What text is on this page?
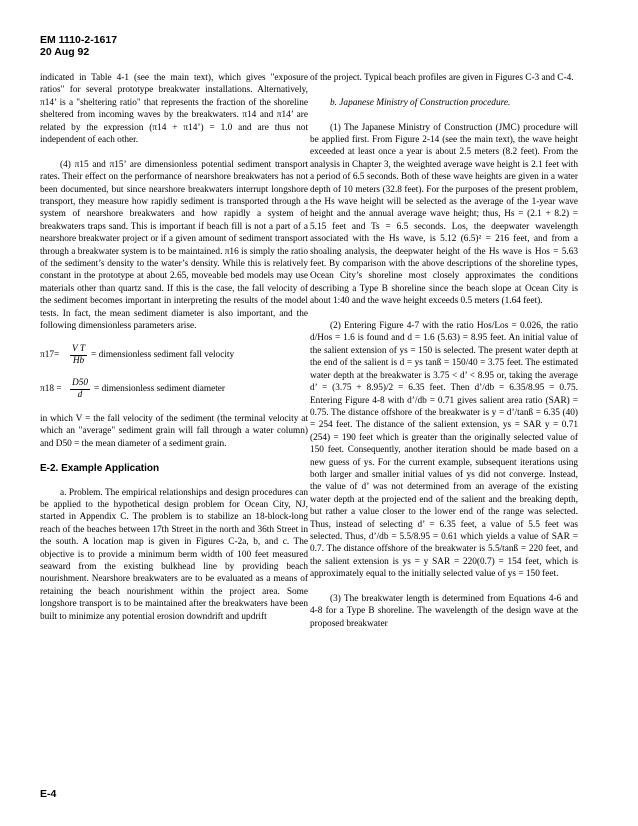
EM 1110-2-1617
20 Aug 92

indicated in Table 4-1 (see the main text), which gives "exposure ratios" for several prototype breakwater installations. Alternatively, π14’ is a "sheltering ratio" that represents the fraction of the shoreline sheltered from incoming waves by the breakwaters. π14 and π14’ are related by the expression (π14 + π14’) = 1.0 and are thus not independent of each other.

(4) π15 and π15’ are dimensionless potential sediment transport rates. Their effect on the performance of nearshore breakwaters has not been documented, but since nearshore breakwaters interrupt longshore transport, they measure how rapidly sediment is transported through a system of nearshore breakwaters and how rapidly a system of breakwaters traps sand. This is important if beach fill is not a part of a nearshore breakwater project or if a given amount of sediment transport through a breakwater system is to be maintained. π16 is simply the ratio of the sediment’s density to the water’s density. While this is relatively constant in the prototype at about 2.65, moveable bed models may use materials other than quartz sand. If this is the case, the fall velocity of the sediment becomes important in interpreting the results of the model tests. In fact, the mean sediment diameter is also important, and the following dimensionless parameters arise.

π17=	$\frac{\text{V T}}{Hb}$ = dimensionless sediment fall velocity
$\pi 18 = \frac{D50}{d}$ = dimensionless sediment diameter

in which V = the fall velocity of the sediment (the terminal velocity at which an "average" sediment grain will fall through a water column) and D50 = the mean diameter of a sediment grain.

E-2. Example Application

a. Problem. The empirical relationships and design procedures can be applied to the hypothetical design problem for Ocean City, NJ, started in Appendix C. The problem is to stabilize an 18-block-long reach of the beaches between 17th Street in the north and 36th Street in the south. A location map is given in Figures C-2a, b, and c. The objective is to provide a minimum berm width of 100 feet measured seaward from the existing bulkhead line by providing beach nourishment. Nearshore breakwaters are to be evaluated as a means of retaining the beach nourishment within the project area. Some longshore transport is to be maintained after the breakwaters have been built to minimize any potential erosion downdrift and updrift

of the project. Typical beach profiles are given in Figures C-3 and C-4.

b. Japanese Ministry of Construction procedure.

(1) The Japanese Ministry of Construction (JMC) procedure will be applied first. From Figure 2-14 (see the main text), the wave height exceeded at least once a year is about 2.5 meters (8.2 feet). From the analysis in Chapter 3, the weighted average wave height is 2.1 feet with a period of 6.5 seconds. Both of these wave heights are given in a water depth of 10 meters (32.8 feet). For the purposes of the present problem, the Hs wave height will be selected as the average of the 1-year wave height and the annual average wave height; thus, Hs = (2.1 + 8.2) = 5.15 feet and Ts = 6.5 seconds. Los, the deepwater wavelength associated with the Hs wave, is 5.12 (6.5)² = 216 feet, and from a shoaling analysis, the deepwater height of the Hs wave is Hos = 5.63 feet. By comparison with the above descriptions of the shoreline types, Ocean City’s shoreline most closely approximates the conditions describing a Type B shoreline since the beach slope at Ocean City is about 1:40 and the wave height exceeds 0.5 meters (1.64 feet).

(2) Entering Figure 4-7 with the ratio Hos/Los = 0.026, the ratio d/Hos = 1.6 is found and d = 1.6 (5.63) = 8.95 feet. An initial value of the salient extension of ys = 150 is selected. The present water depth at the end of the salient is d = ys tanß = 150/40 = 3.75 feet. The estimated water depth at the breakwater is 3.75 < d’ < 8.95 or, taking the average d’ = (3.75 + 8.95)/2 = 6.35 feet. Then d’/db = 6.35/8.95 = 0.75. Entering Figure 4-8 with d’/db = 0.71 gives salient area ratio (SAR) = 0.75. The distance offshore of the breakwater is y = d’/tanß = 6.35 (40) = 254 feet. The distance of the salient extension, ys = SAR y = 0.71 (254) = 190 feet which is greater than the originally selected value of 150 feet. Consequently, another iteration should be made based on a new guess of ys. For the current example, subsequent iterations using both larger and smaller initial values of ys did not converge. Instead, the value of d’ was not determined from an average of the existing water depth at the projected end of the salient and the breaking depth, but rather a value closer to the lower end of the range was selected. Thus, instead of selecting d’ = 6.35 feet, a value of 5.5 feet was selected. Thus, d’/db = 5.5/8.95 = 0.61 which yields a value of SAR = 0.7. The distance offshore of the breakwater is 5.5/tanß = 220 feet, and the salient extension is ys = y SAR = 220(0.7) = 154 feet, which is approximately equal to the initially selected value of ys = 150 feet.

(3) The breakwater length is determined from Equations 4-6 and 4-8 for a Type B shoreline. The wavelength of the design wave at the proposed breakwater

E-4
